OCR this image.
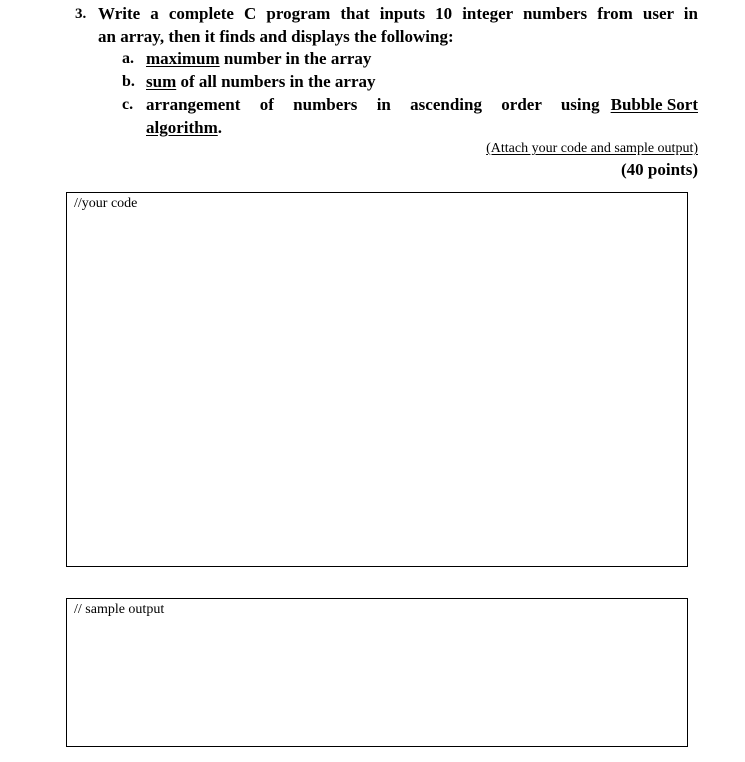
3. Write a complete C program that inputs 10 integer numbers from user in
an array, then it finds and displays the following:
a. maximum number in the array
b. sum of all numbers in the array
c. arrangement of numbers in ascending order using Bubble Sort
algorithm.
(Attach your code and sample output)
(40 points)
//your code
// sample output
